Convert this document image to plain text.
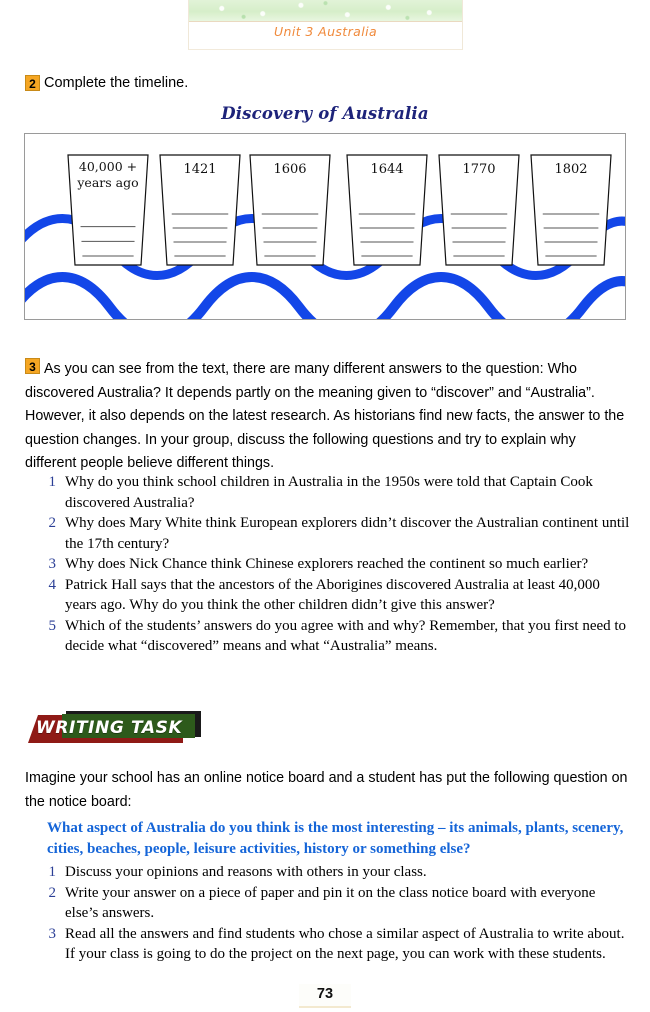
Unit 3 Australia
2 Complete the timeline.
Discovery of Australia
40,000 +
years ago
1421	1606	1644	1770	1802
3 As you can see from the text, there are many different answers to the question: Who discovered Australia? It depends partly on the meaning given to “discover” and “Australia”. However, it also depends on the latest research. As historians find new facts, the answer to the question changes. In your group, discuss the following questions and try to explain why different people believe different things.
1 Why do you think school children in Australia in the 1950s were told that Captain Cook discovered Australia?
2 Why does Mary White think European explorers didn’t discover the Australian continent until the 17th century?
3 Why does Nick Chance think Chinese explorers reached the continent so much earlier?
4 Patrick Hall says that the ancestors of the Aborigines discovered Australia at least 40,000 years ago. Why do you think the other children didn’t give this answer?
5 Which of the students’ answers do you agree with and why? Remember, that you first need to decide what “discovered” means and what “Australia” means.
WRITING TASK
Imagine your school has an online notice board and a student has put the following question on the notice board:
What aspect of Australia do you think is the most interesting – its animals, plants, scenery, cities, beaches, people, leisure activities, history or something else?
1 Discuss your opinions and reasons with others in your class.
2 Write your answer on a piece of paper and pin it on the class notice board with everyone else’s answers.
3 Read all the answers and find students who chose a similar aspect of Australia to write about. If your class is going to do the project on the next page, you can work with these students.
73
